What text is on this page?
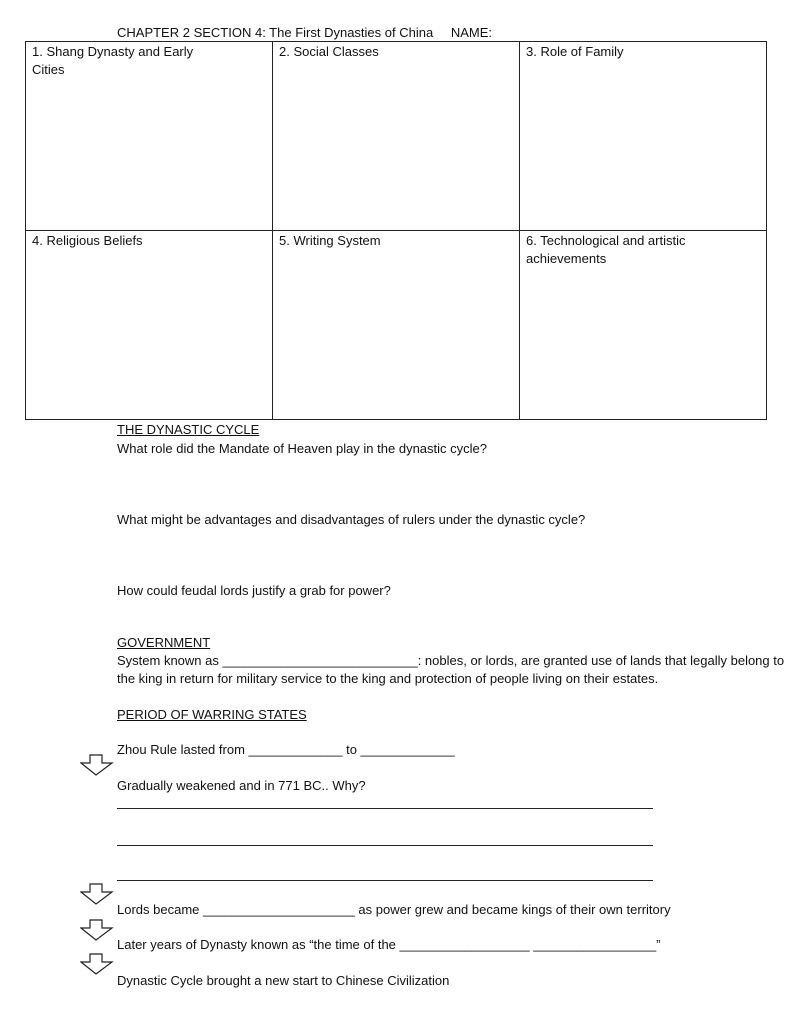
CHAPTER 2 SECTION 4: The First Dynasties of China NAME:
1. Shang Dynasty and Early Cities	2. Social Classes	3. Role of Family
4. Religious Beliefs	5. Writing System	6. Technological and artistic achievements
THE DYNASTIC CYCLE
What role did the Mandate of Heaven play in the dynastic cycle?
What might be advantages and disadvantages of rulers under the dynastic cycle?
How could feudal lords justify a grab for power?
GOVERNMENT
System known as ___________________________: nobles, or lords, are granted use of lands that legally belong to
the king in return for military service to the king and protection of people living on their estates.
PERIOD OF WARRING STATES
Zhou Rule lasted from _____________ to _____________
Gradually weakened and in 771 BC.. Why?
Lords became _____________________ as power grew and became kings of their own territory
Later years of Dynasty known as “the time of the __________________ _________________”
Dynastic Cycle brought a new start to Chinese Civilization
